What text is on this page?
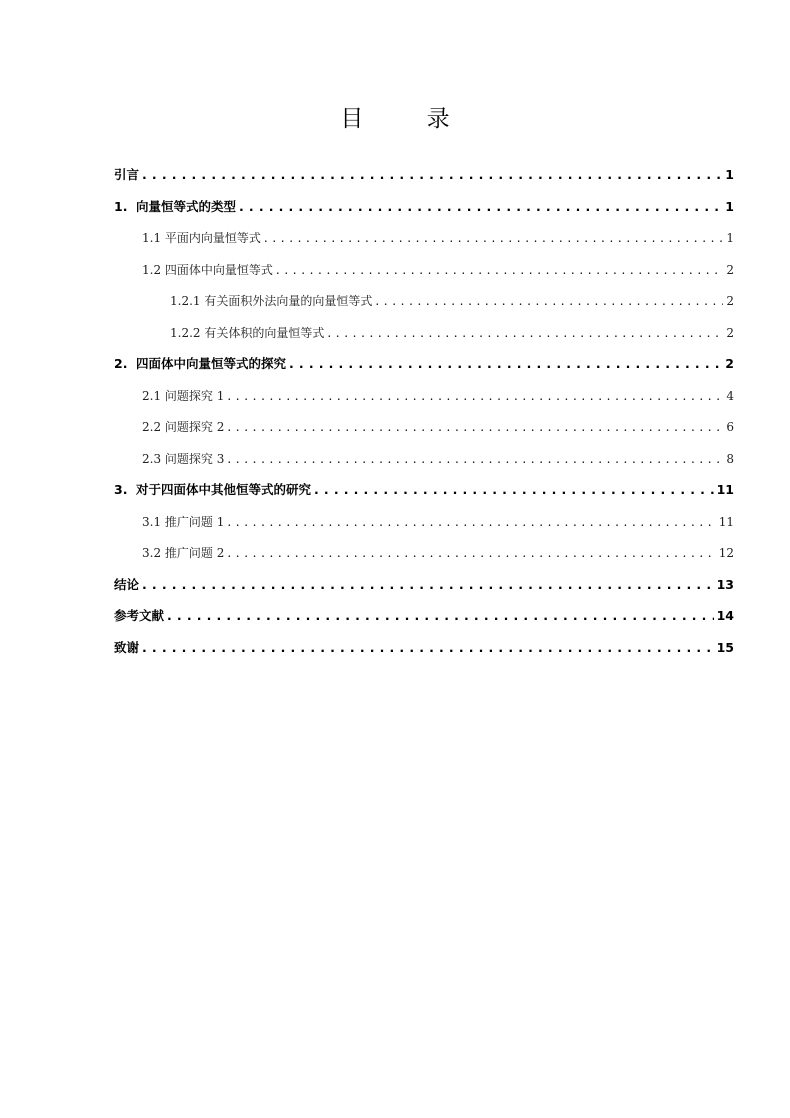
目 录
引言 . . .	1
1. 向量恒等式的类型 . . .	1
1.1 平面内向量恒等式 . . .	1
1.2 四面体中向量恒等式 . . .	2
1.2.1 有关面积外法向量的向量恒等式 . . .	2
1.2.2 有关体积的向量恒等式 . . .	2
2. 四面体中向量恒等式的探究 . . .	2
2.1 问题探究 1 . . .	4
2.2 问题探究 2 . . .	6
2.3 问题探究 3 . . .	8
3. 对于四面体中其他恒等式的研究 . . .	11
3.1 推广问题 1 . . .	11
3.2 推广问题 2 . . .	12
结论 . . .	13
参考文献 . . .	14
致谢 . . .	15
